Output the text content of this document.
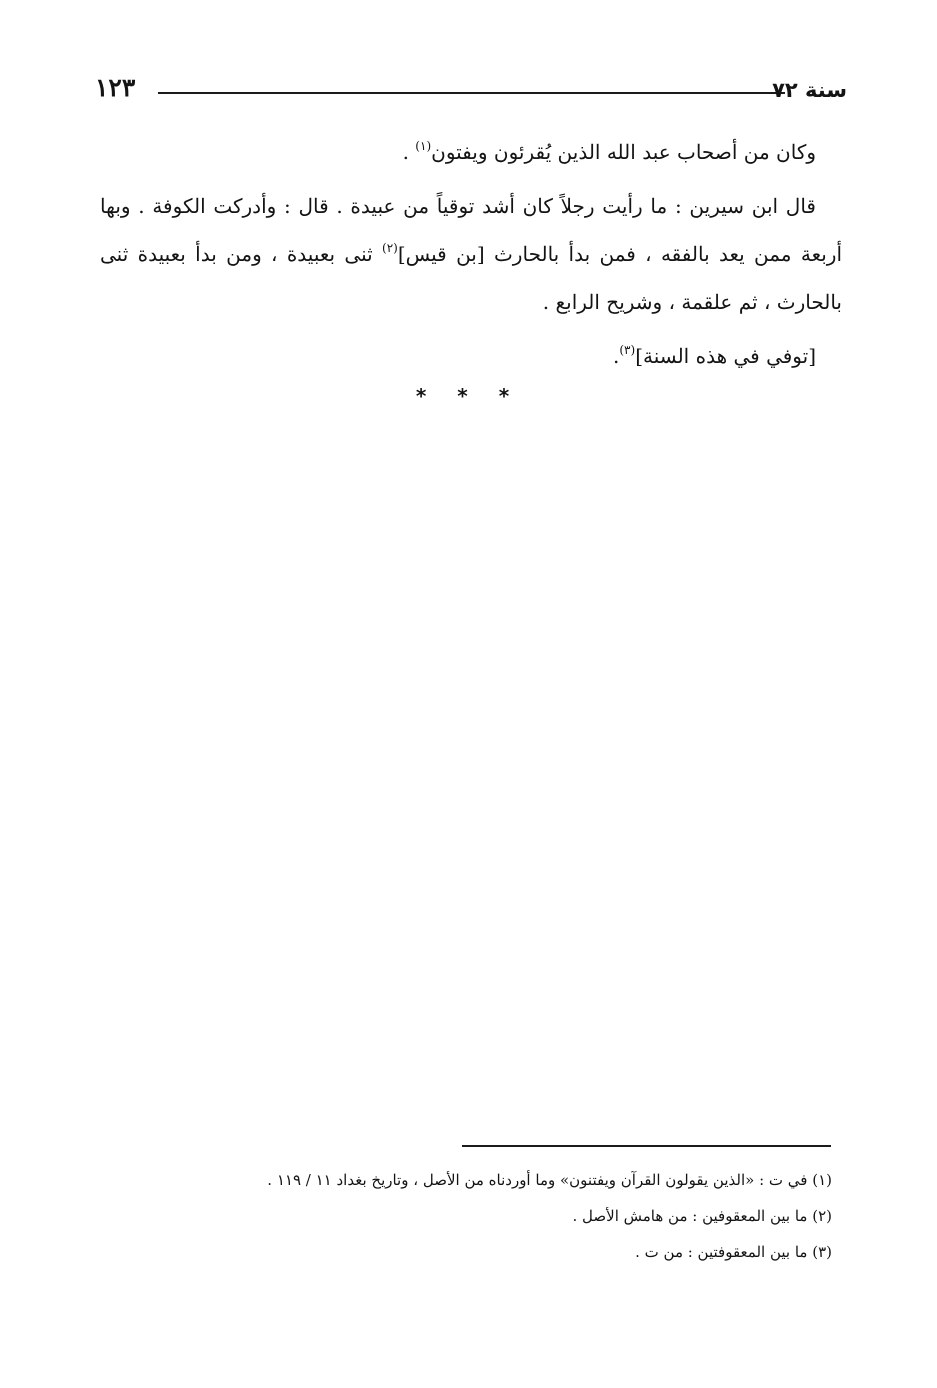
١٢٣	سنة ٧٢

وكان من أصحاب عبد الله الذين يُقرئون ويفتون$^{(١)}$ .

قال ابن سيرين : ما رأيت رجلاً كان أشد توقياً من عبيدة . قال : وأدركت الكوفة . وبها أربعة ممن يعد بالفقه ، فمن بدأ بالحارث [بن قيس]$^{(٢)}$ ثنى بعبيدة ، ومن بدأ بعبيدة ثنى بالحارث ، ثم علقمة ، وشريح الرابع .

[توفي في هذه السنة]$^{(٣)}$.

* * *

(١) في ت : «الذين يقولون القرآن ويفتنون» وما أوردناه من الأصل ، وتاريخ بغداد ١١ / ١١٩ .

(٢) ما بين المعقوفين : من هامش الأصل .

(٣) ما بين المعقوفتين : من ت .
